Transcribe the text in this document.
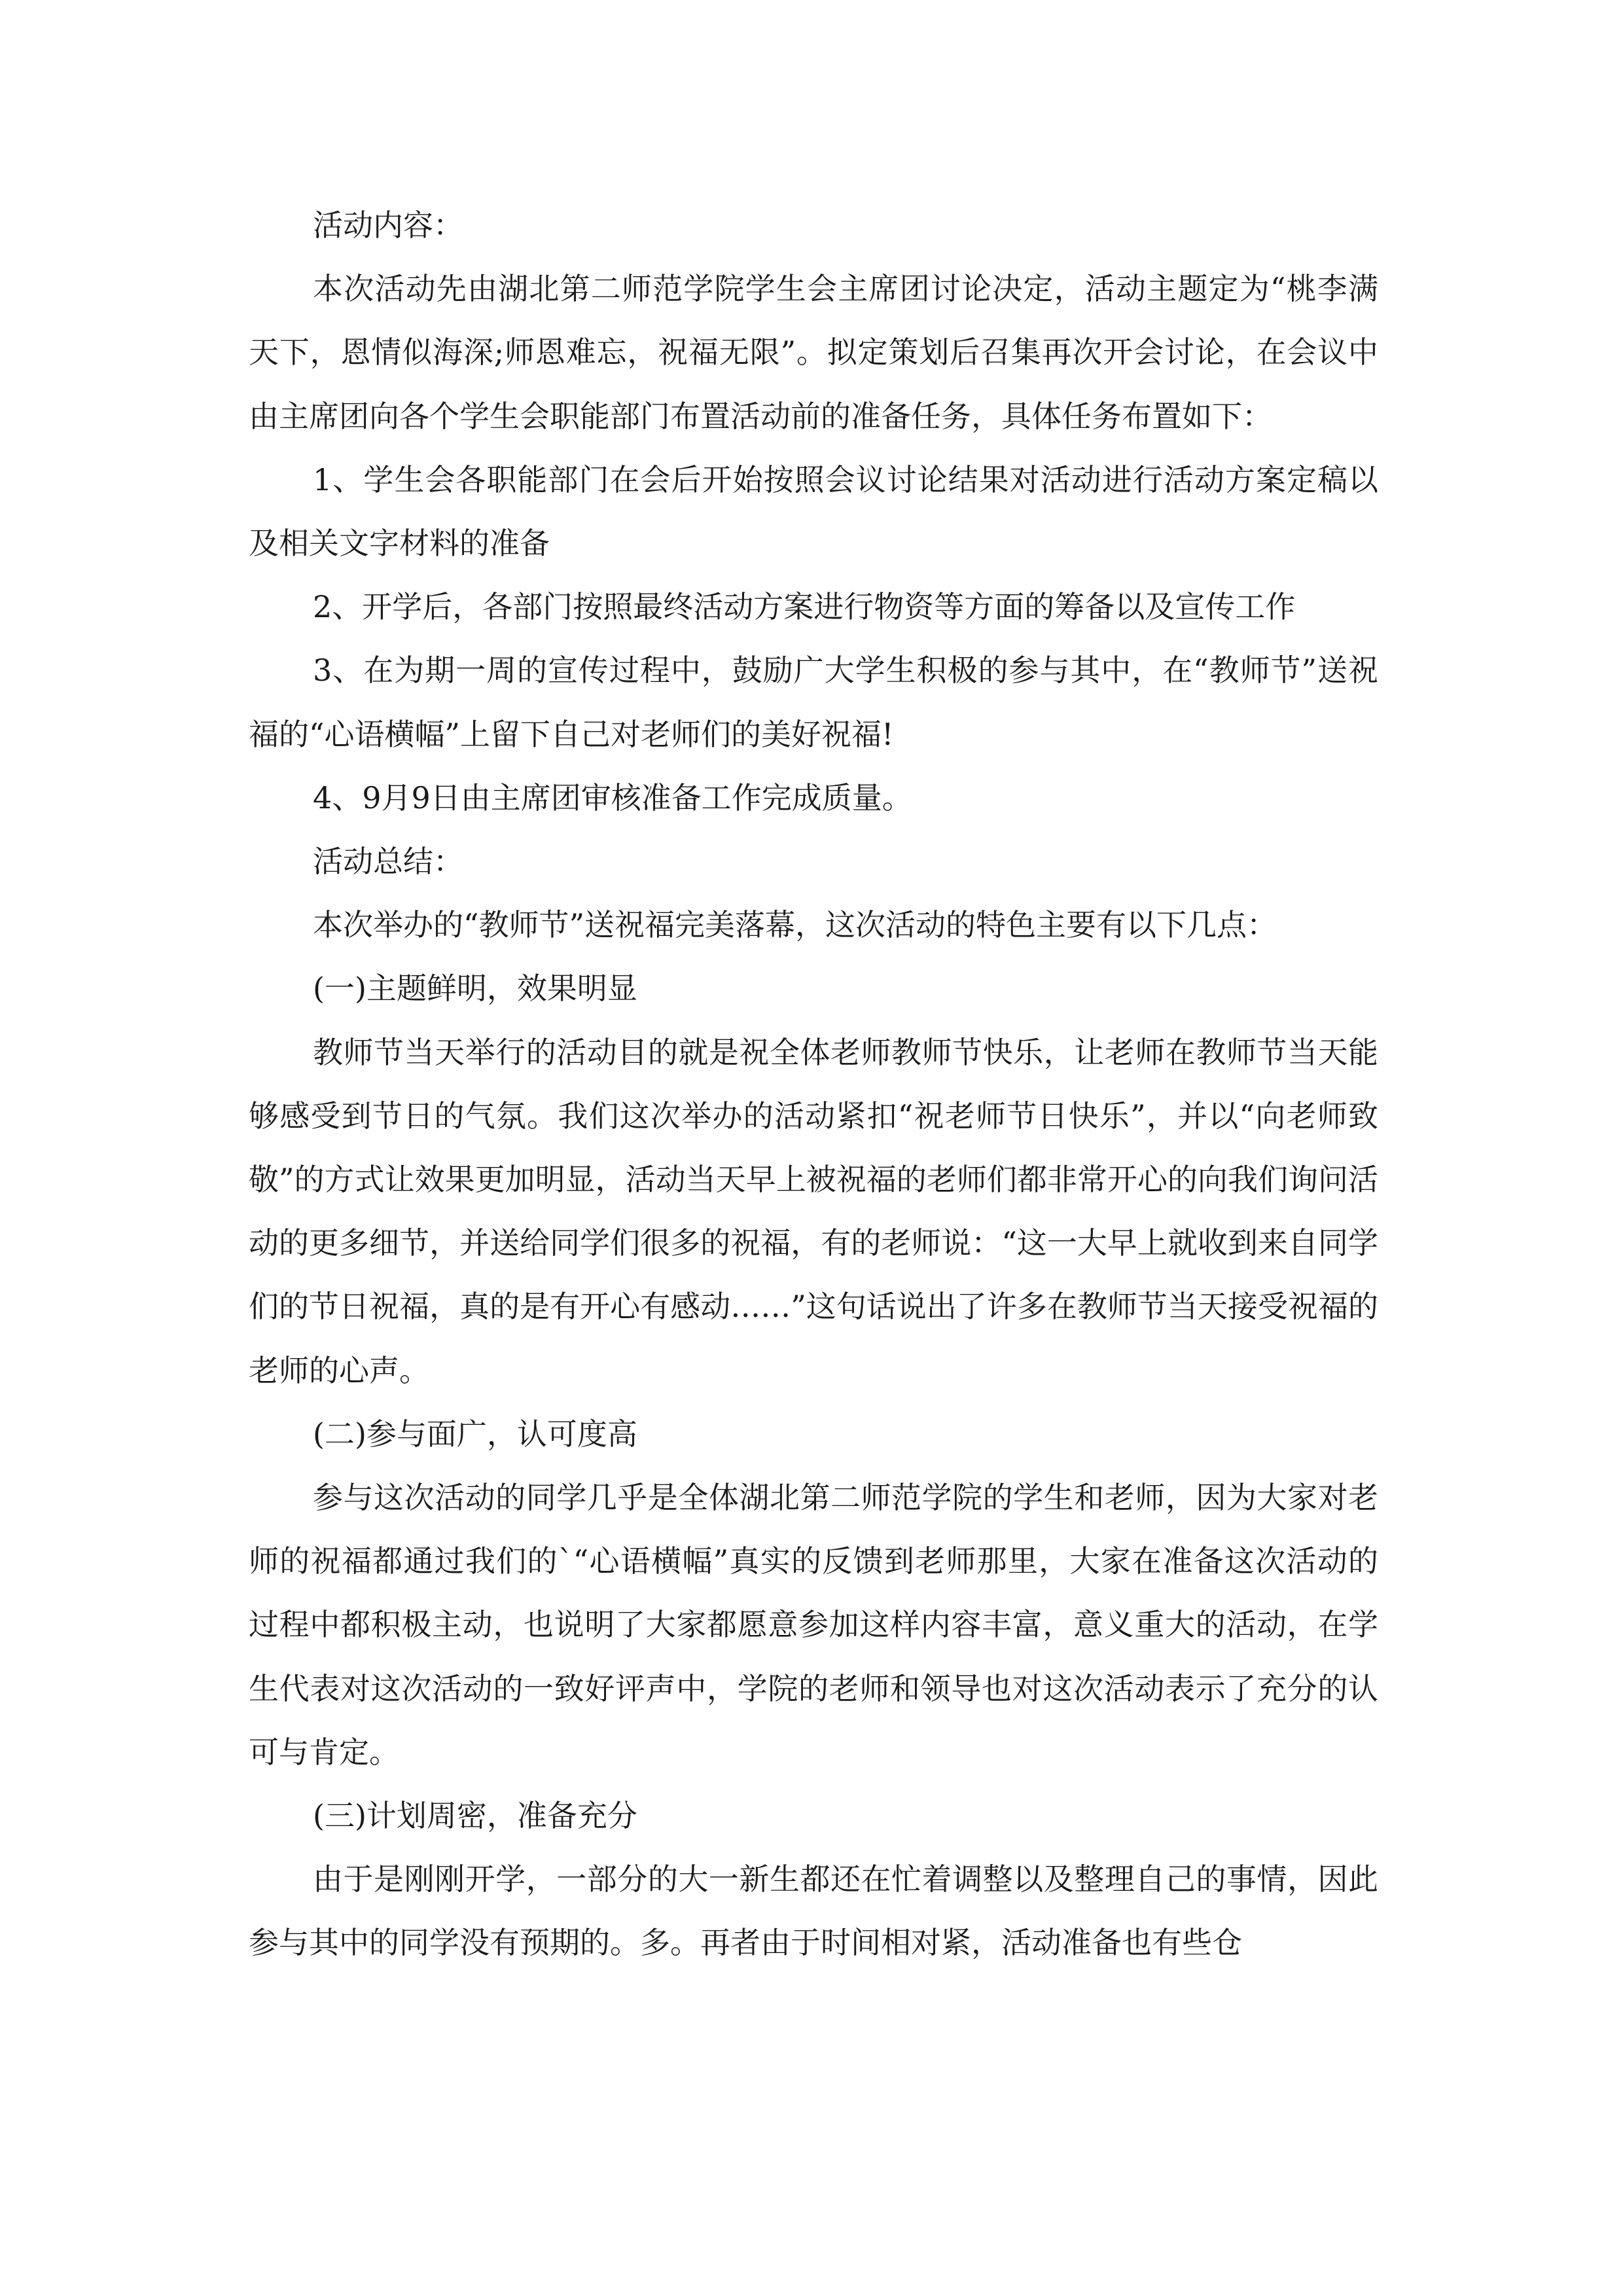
活动内容：

本次活动先由湖北第二师范学院学生会主席团讨论决定，活动主题定为“桃李满天下，恩情似海深;师恩难忘，祝福无限”。拟定策划后召集再次开会讨论，在会议中由主席团向各个学生会职能部门布置活动前的准备任务，具体任务布置如下：

1、学生会各职能部门在会后开始按照会议讨论结果对活动进行活动方案定稿以及相关文字材料的准备

2、开学后，各部门按照最终活动方案进行物资等方面的筹备以及宣传工作

3、在为期一周的宣传过程中，鼓励广大学生积极的参与其中，在“教师节”送祝福的“心语横幅”上留下自己对老师们的美好祝福!

4、9月9日由主席团审核准备工作完成质量。

活动总结：

本次举办的“教师节”送祝福完美落幕，这次活动的特色主要有以下几点：

(一)主题鲜明，效果明显

教师节当天举行的活动目的就是祝全体老师教师节快乐，让老师在教师节当天能够感受到节日的气氛。我们这次举办的活动紧扣“祝老师节日快乐”，并以“向老师致敬”的方式让效果更加明显，活动当天早上被祝福的老师们都非常开心的向我们询问活动的更多细节，并送给同学们很多的祝福，有的老师说：“这一大早上就收到来自同学们的节日祝福，真的是有开心有感动……”这句话说出了许多在教师节当天接受祝福的老师的心声。

(二)参与面广，认可度高

参与这次活动的同学几乎是全体湖北第二师范学院的学生和老师，因为大家对老师的祝福都通过我们的`“心语横幅”真实的反馈到老师那里，大家在准备这次活动的过程中都积极主动，也说明了大家都愿意参加这样内容丰富，意义重大的活动，在学生代表对这次活动的一致好评声中，学院的老师和领导也对这次活动表示了充分的认可与肯定。

(三)计划周密，准备充分

由于是刚刚开学，一部分的大一新生都还在忙着调整以及整理自己的事情，因此参与其中的同学没有预期的。多。再者由于时间相对紧，活动准备也有些仓
